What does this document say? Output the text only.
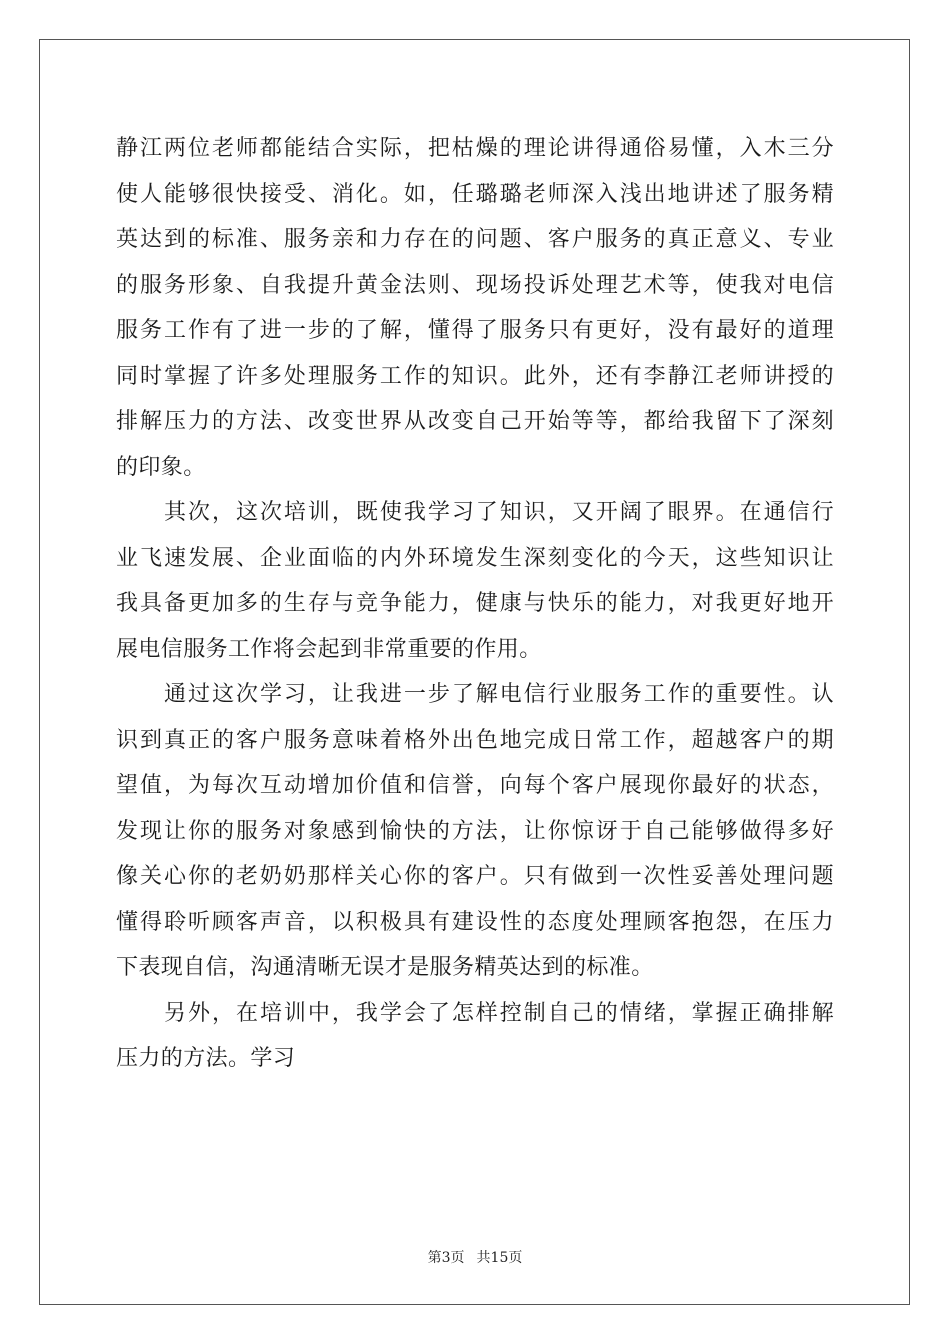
静江两位老师都能结合实际，把枯燥的理论讲得通俗易懂，入木三分
使人能够很快接受、消化。如，任璐璐老师深入浅出地讲述了服务精
英达到的标准、服务亲和力存在的问题、客户服务的真正意义、专业
的服务形象、自我提升黄金法则、现场投诉处理艺术等，使我对电信
服务工作有了进一步的了解，懂得了服务只有更好，没有最好的道理
同时掌握了许多处理服务工作的知识。此外，还有李静江老师讲授的
排解压力的方法、改变世界从改变自己开始等等，都给我留下了深刻
的印象。
其次，这次培训，既使我学习了知识，又开阔了眼界。在通信行
业飞速发展、企业面临的内外环境发生深刻变化的今天，这些知识让
我具备更加多的生存与竞争能力，健康与快乐的能力，对我更好地开
展电信服务工作将会起到非常重要的作用。
通过这次学习，让我进一步了解电信行业服务工作的重要性。认
识到真正的客户服务意味着格外出色地完成日常工作，超越客户的期
望值，为每次互动增加价值和信誉，向每个客户展现你最好的状态，
发现让你的服务对象感到愉快的方法，让你惊讶于自己能够做得多好
像关心你的老奶奶那样关心你的客户。只有做到一次性妥善处理问题
懂得聆听顾客声音，以积极具有建设性的态度处理顾客抱怨，在压力
下表现自信，沟通清晰无误才是服务精英达到的标准。
另外，在培训中，我学会了怎样控制自己的情绪，掌握正确排解
压力的方法。学习
第3页 共15页
